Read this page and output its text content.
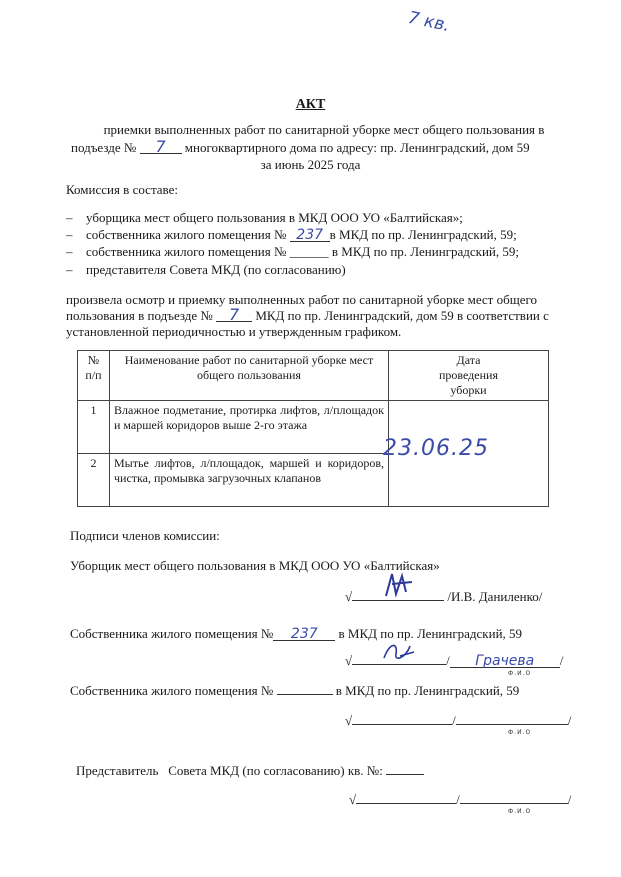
7 кв.
АКТ
приемки выполненных работ по санитарной уборке мест общего пользования в
подъезде № 7 многоквартирного дома по адресу: пр. Ленинградский, дом 59
за июнь 2025 года
Комиссия в составе:
– уборщика мест общего пользования в МКД ООО УО «Балтийская»;
– собственника жилого помещения № 237 в МКД по пр. Ленинградский, 59;
– собственника жилого помещения № ______ в МКД по пр. Ленинградский, 59;
– представителя Совета МКД (по согласованию)
произвела осмотр и приемку выполненных работ по санитарной уборке мест общего
пользования в подъезде № 7 МКД по пр. Ленинградский, дом 59 в соответствии с
установленной периодичностью и утвержденным графиком.
№ п/п	Наименование работ по санитарной уборке мест общего пользования	Дата проведения уборки
1	Влажное подметание, протирка лифтов, л/площадок и маршей коридоров выше 2-го этажа	23.06.25

2	Мытье лифтов, л/площадок, маршей и коридоров, чистка, промывка загрузочных клапанов	
Подписи членов комиссии:
Уборщик мест общего пользования в МКД ООО УО «Балтийская»
√	/И.В. Даниленко/
Собственника жилого помещения № 237 в МКД по пр. Ленинградский, 59
√	/ Грачева /
Ф.И.О
Собственника жилого помещения №	в МКД по пр. Ленинградский, 59
√	/	/
Ф.И.О
Представитель   Совета МКД (по согласованию) кв. №:
√	/	/
Ф.И.О
